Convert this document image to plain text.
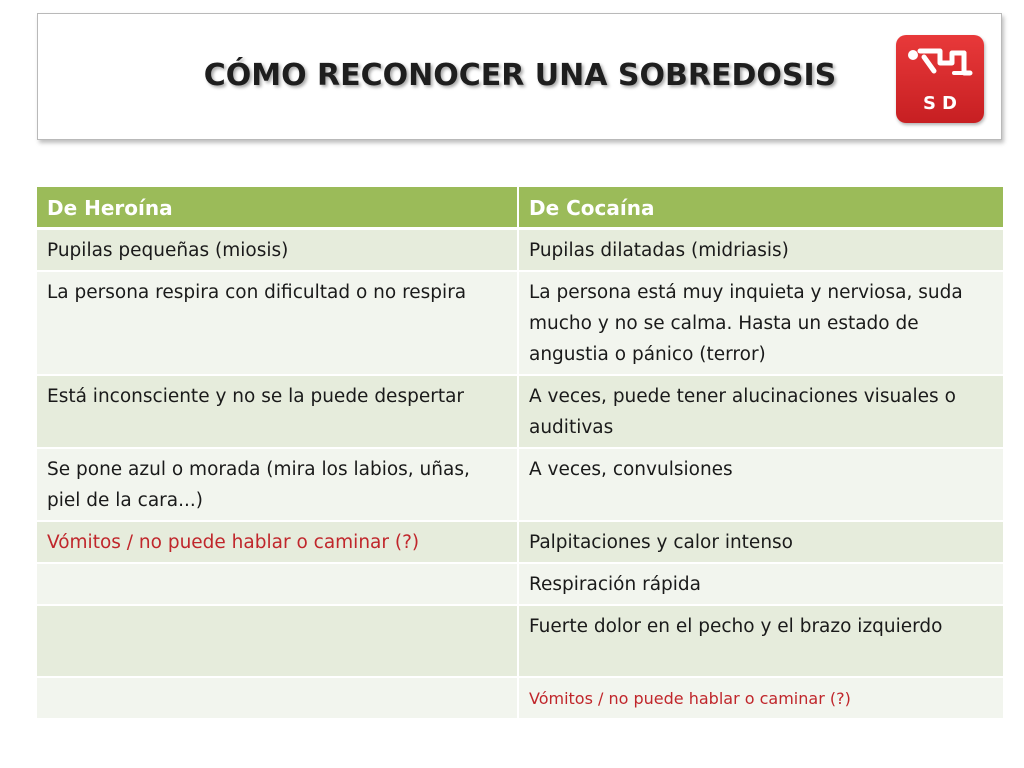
CÓMO RECONOCER UNA SOBREDOSIS
SD
De Heroína	De Cocaína
Pupilas pequeñas (miosis)	Pupilas dilatadas (midriasis)
La persona respira con dificultad o no respira	La persona está muy inquieta y nerviosa, suda mucho y no se calma. Hasta un estado de angustia o pánico (terror)
Está inconsciente y no se la puede despertar	A veces, puede tener alucinaciones visuales o auditivas
Se pone azul o morada (mira los labios, uñas, piel de la cara...)	A veces, convulsiones
Vómitos / no puede hablar o caminar (?)	Palpitaciones y calor intenso
	Respiración rápida
	Fuerte dolor en el pecho y el brazo izquierdo
	Vómitos / no puede hablar o caminar (?)
